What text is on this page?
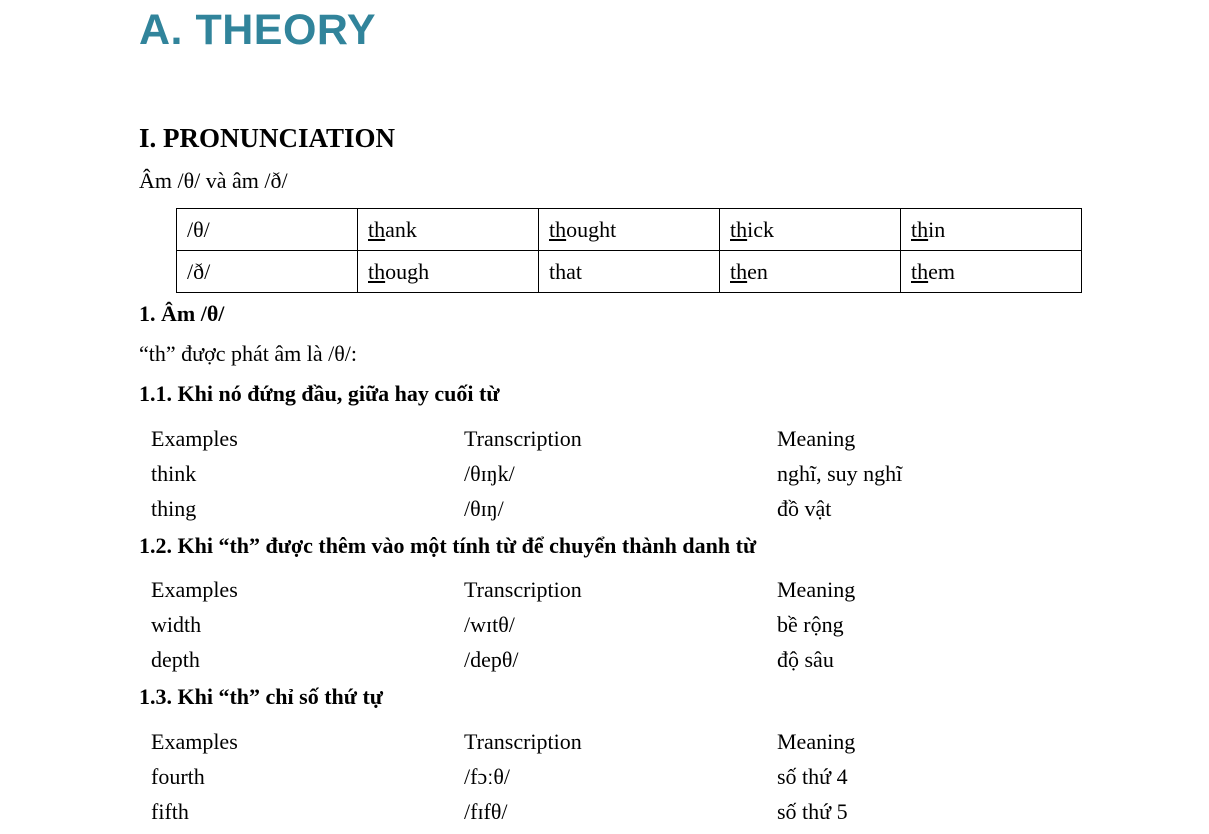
A. THEORY
I. PRONUNCIATION
Âm /θ/ và âm /ð/
/θ/	thank	thought	thick	thin
/ð/	though	that	then	them
1. Âm /θ/
“th” được phát âm là /θ/:
1.1. Khi nó đứng đầu, giữa hay cuối từ
Examples	Transcription	Meaning
think	/θɪŋk/	nghĩ, suy nghĩ
thing	/θɪŋ/	đồ vật
1.2. Khi “th” được thêm vào một tính từ để chuyển thành danh từ
Examples	Transcription	Meaning
width	/wɪtθ/	bề rộng
depth	/depθ/	độ sâu
1.3. Khi “th” chỉ số thứ tự
Examples	Transcription	Meaning
fourth	/fɔːθ/	số thứ 4
fifth	/fɪfθ/	số thứ 5
